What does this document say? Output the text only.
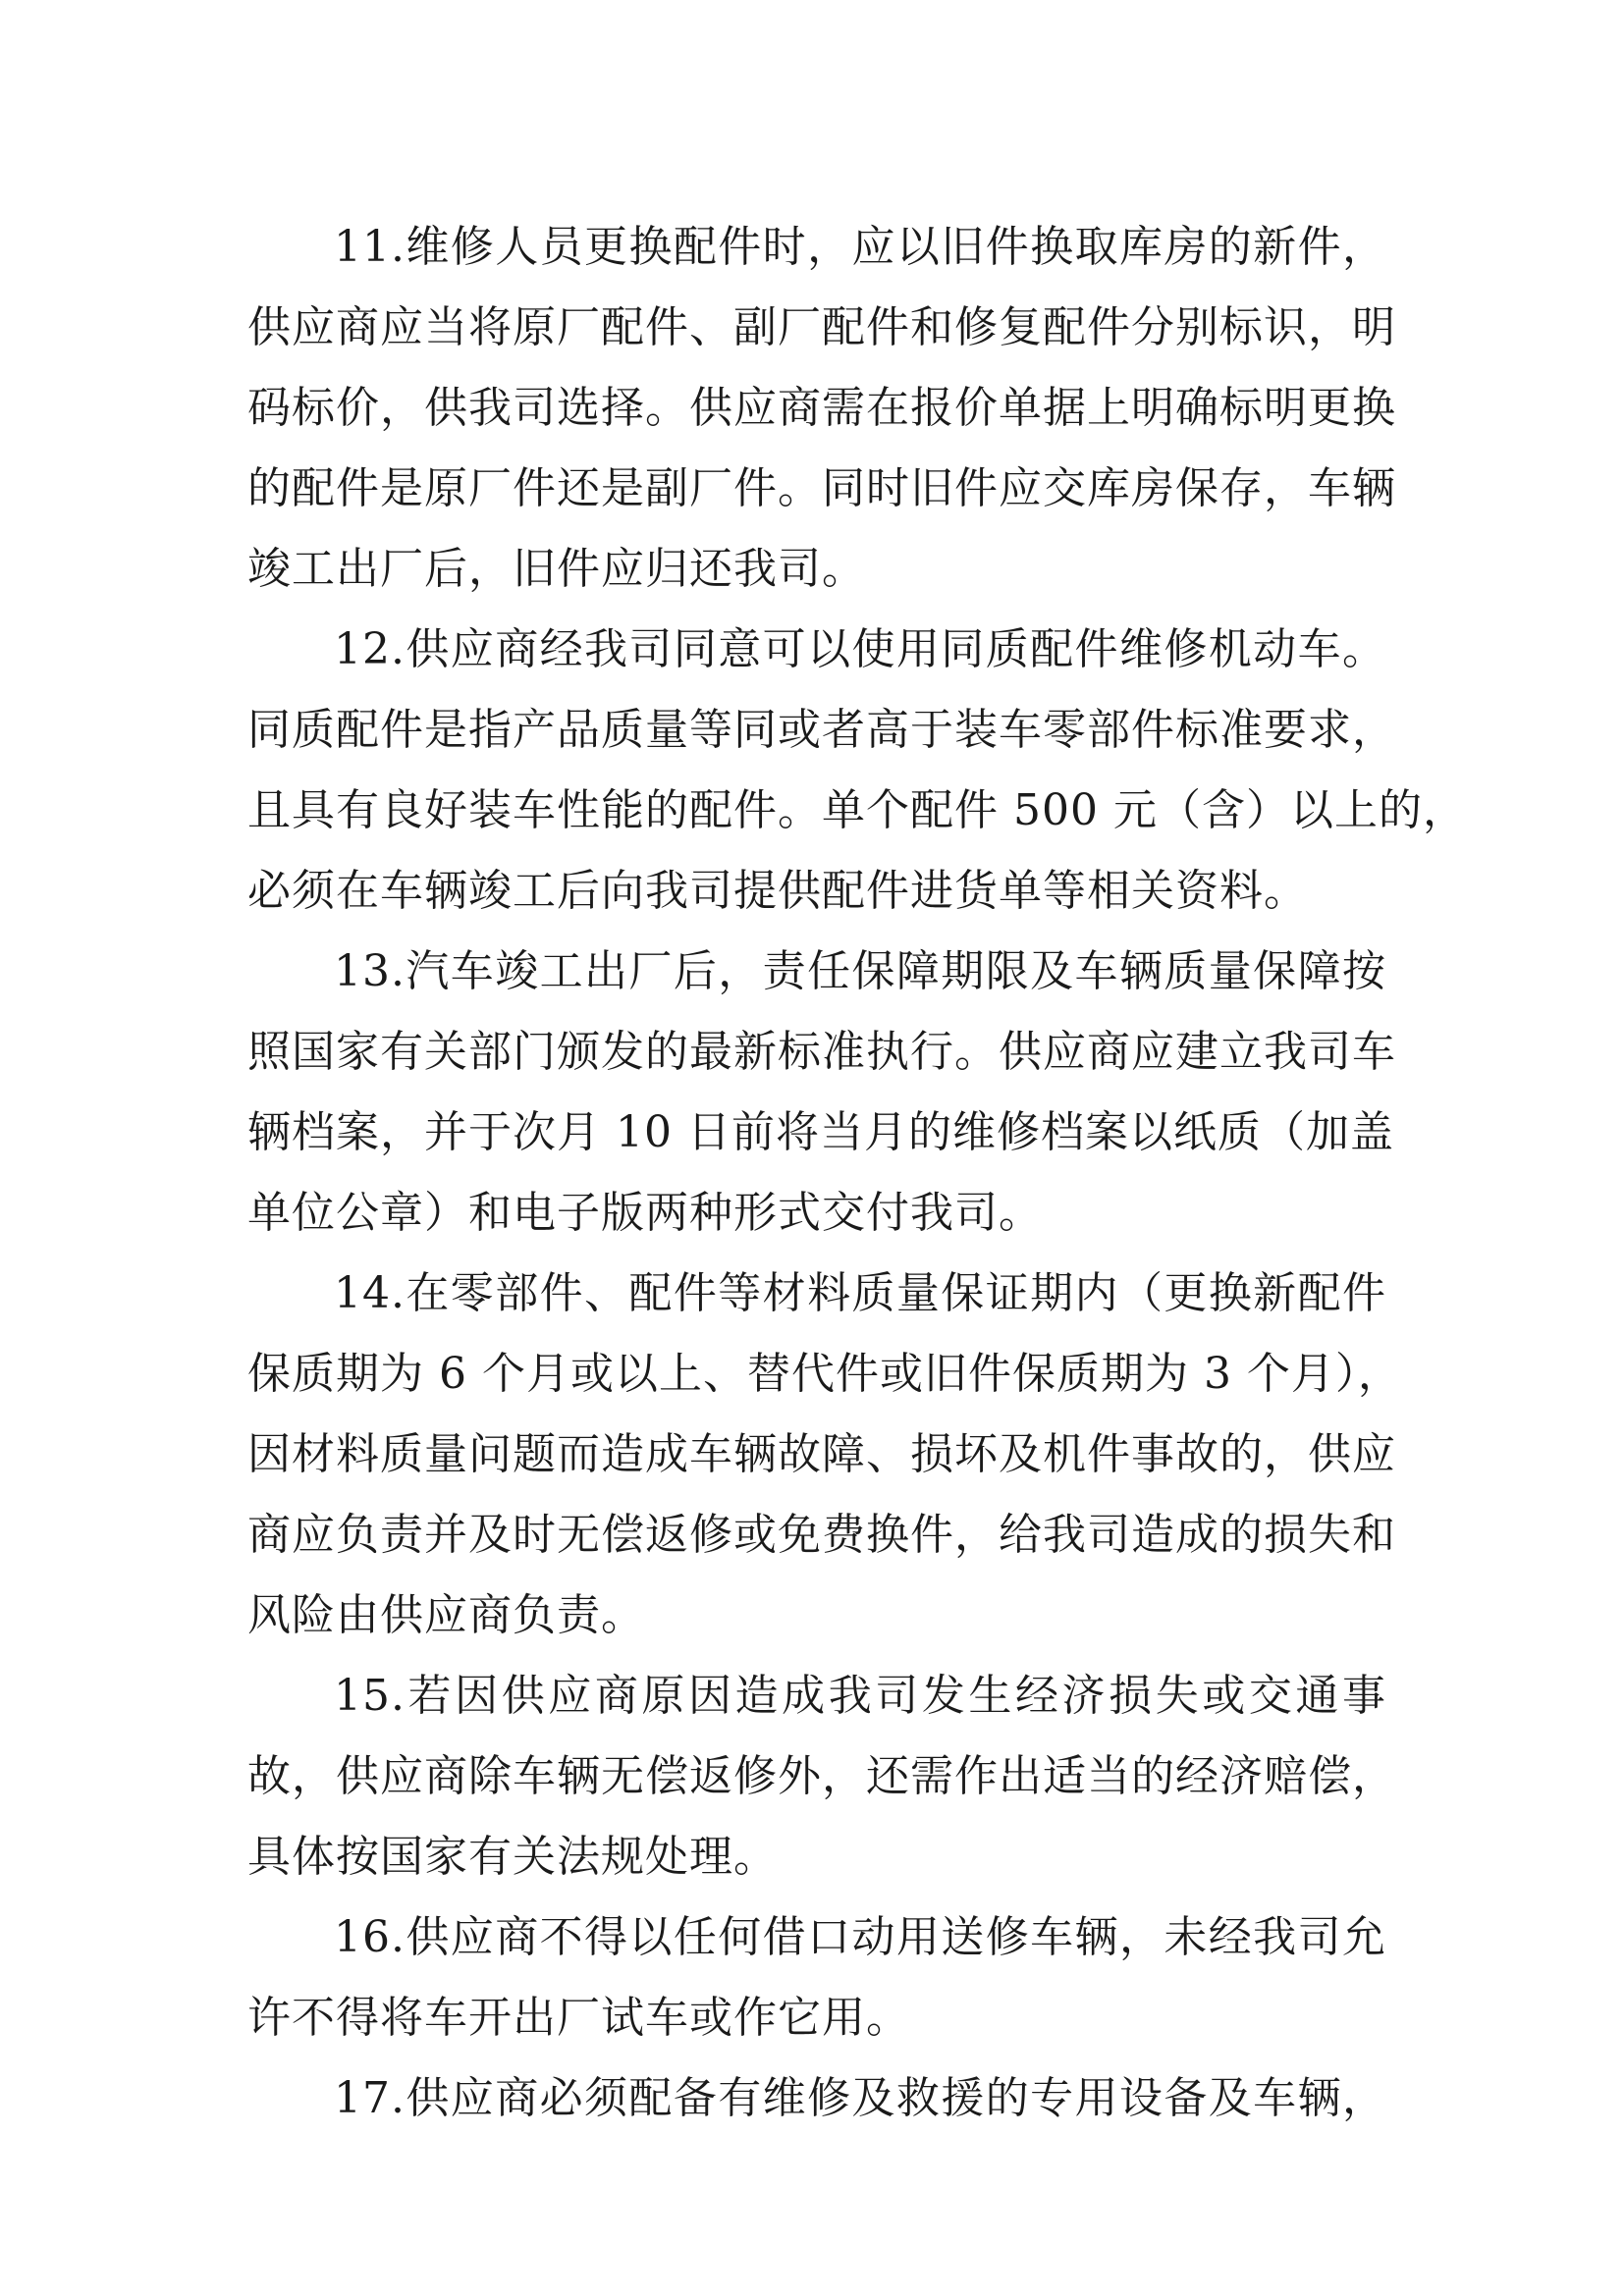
11.维修人员更换配件时，应以旧件换取库房的新件，
供应商应当将原厂配件、副厂配件和修复配件分别标识，明
码标价，供我司选择。供应商需在报价单据上明确标明更换
的配件是原厂件还是副厂件。同时旧件应交库房保存，车辆
竣工出厂后，旧件应归还我司。
12.供应商经我司同意可以使用同质配件维修机动车。
同质配件是指产品质量等同或者高于装车零部件标准要求，
且具有良好装车性能的配件。单个配件 500 元（含）以上的，
必须在车辆竣工后向我司提供配件进货单等相关资料。
13.汽车竣工出厂后，责任保障期限及车辆质量保障按
照国家有关部门颁发的最新标准执行。供应商应建立我司车
辆档案，并于次月 10 日前将当月的维修档案以纸质（加盖
单位公章）和电子版两种形式交付我司。
14.在零部件、配件等材料质量保证期内（更换新配件
保质期为 6 个月或以上、替代件或旧件保质期为 3 个月），
因材料质量问题而造成车辆故障、损坏及机件事故的，供应
商应负责并及时无偿返修或免费换件，给我司造成的损失和
风险由供应商负责。
15.若因供应商原因造成我司发生经济损失或交通事
故，供应商除车辆无偿返修外，还需作出适当的经济赔偿，
具体按国家有关法规处理。
16.供应商不得以任何借口动用送修车辆，未经我司允
许不得将车开出厂试车或作它用。
17.供应商必须配备有维修及救援的专用设备及车辆，
